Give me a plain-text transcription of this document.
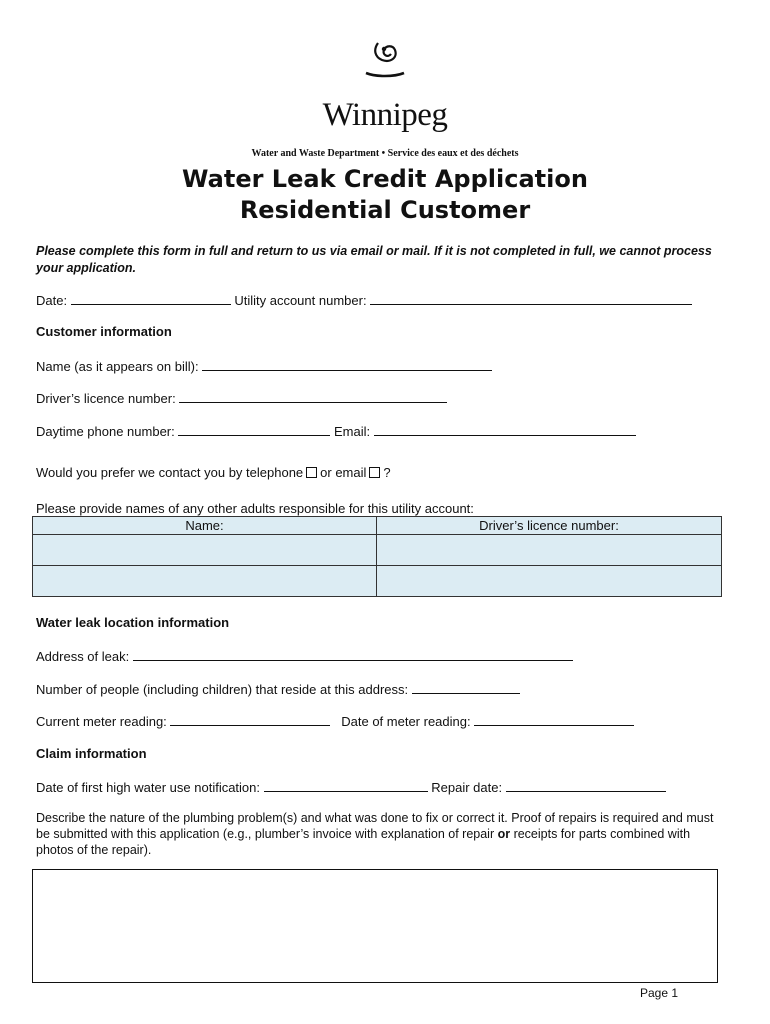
Winnipeg
Water and Waste Department • Service des eaux et des déchets
Water Leak Credit Application
Residential Customer
Please complete this form in full and return to us via email or mail. If it is not completed in full, we cannot process your application.
Date:	Utility account number:
Customer information
Name (as it appears on bill):
Driver’s licence number:
Daytime phone number:	Email:
Would you prefer we contact you by telephone or email ?
Please provide names of any other adults responsible for this utility account:
Name:	Driver’s licence number:

Water leak location information
Address of leak:
Number of people (including children) that reside at this address:
Current meter reading:	Date of meter reading:
Claim information
Date of first high water use notification:	Repair date:
Describe the nature of the plumbing problem(s) and what was done to fix or correct it. Proof of repairs is required and must be submitted with this application (e.g., plumber’s invoice with explanation of repair or receipts for parts combined with photos of the repair).
Page 1
